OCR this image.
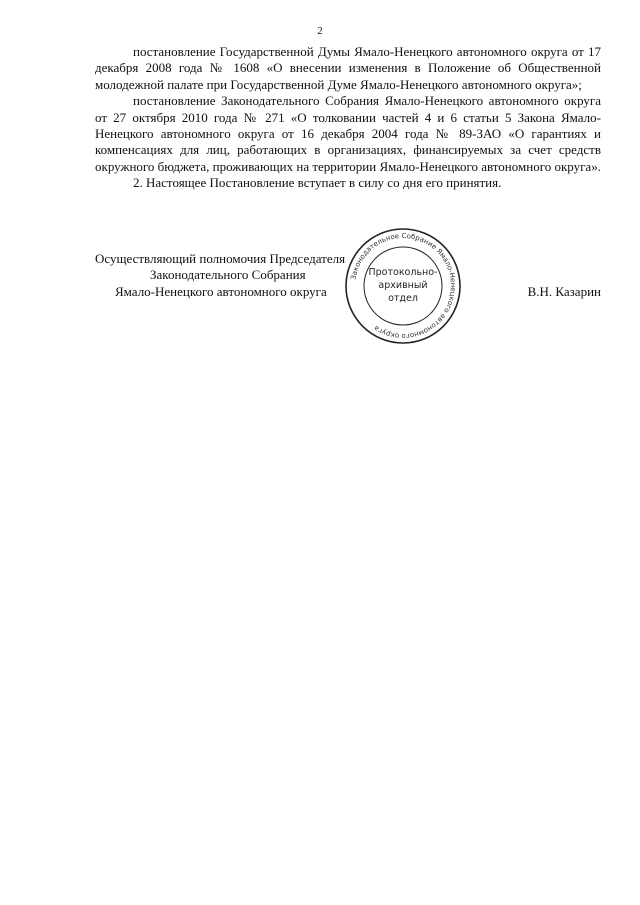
2

постановление Государственной Думы Ямало-Ненецкого автономного округа от 17 декабря 2008 года № 1608 «О внесении изменения в Положение об Общественной молодежной палате при Государственной Думе Ямало-Ненецкого автономного округа»;

постановление Законодательного Собрания Ямало-Ненецкого автономного округа от 27 октября 2010 года № 271 «О толковании частей 4 и 6 статьи 5 Закона Ямало-Ненецкого автономного округа от 16 декабря 2004 года № 89-ЗАО «О гарантиях и компенсациях для лиц, работающих в организациях, финансируемых за счет средств окружного бюджета, проживающих на территории Ямало-Ненецкого автономного округа».

2. Настоящее Постановление вступает в силу со дня его принятия.

Осуществляющий полномочия Председателя
Законодательного Собрания
Ямало-Ненецкого автономного округа	В.Н. Казарин
Законодательное Собрание Ямало-Ненецкого автономного округа
Протокольно-
архивный
отдел
